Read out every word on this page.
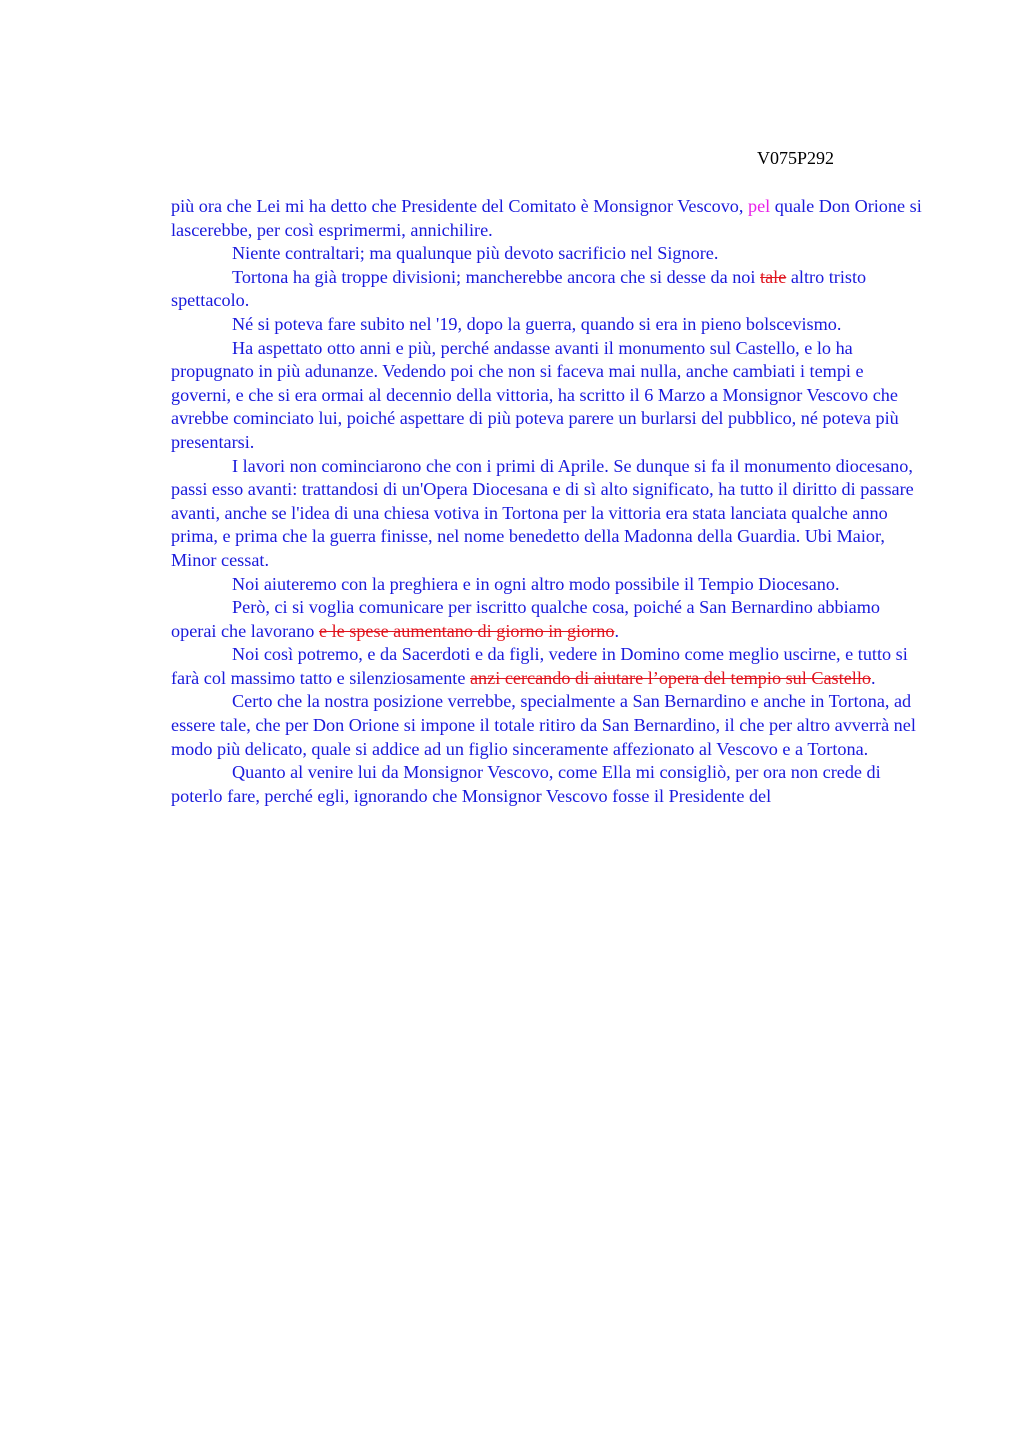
V075P292

più ora che Lei mi ha detto che Presidente del Comitato è Monsignor Vescovo, pel quale Don Orione si lascerebbe, per così esprimermi, annichilire.

Niente contraltari; ma qualunque più devoto sacrificio nel Signore.

Tortona ha già troppe divisioni; mancherebbe ancora che si desse da noi tale altro tristo spettacolo.

Né si poteva fare subito nel '19, dopo la guerra, quando si era in pieno bolscevismo.

Ha aspettato otto anni e più, perché andasse avanti il monumento sul Castello, e lo ha propugnato in più adunanze. Vedendo poi che non si faceva mai nulla, anche cambiati i tempi e governi, e che si era ormai al decennio della vittoria, ha scritto il 6 Marzo a Monsignor Vescovo che avrebbe cominciato lui, poiché aspettare di più poteva parere un burlarsi del pubblico, né poteva più presentarsi.

I lavori non cominciarono che con i primi di Aprile. Se dunque si fa il monumento diocesano, passi esso avanti: trattandosi di un'Opera Diocesana e di sì alto significato, ha tutto il diritto di passare avanti, anche se l'idea di una chiesa votiva in Tortona per la vittoria era stata lanciata qualche anno prima, e prima che la guerra finisse, nel nome benedetto della Madonna della Guardia. Ubi Maior, Minor cessat.

Noi aiuteremo con la preghiera e in ogni altro modo possibile il Tempio Diocesano.

Però, ci si voglia comunicare per iscritto qualche cosa, poiché a San Bernardino abbiamo operai che lavorano e le spese aumentano di giorno in giorno.

Noi così potremo, e da Sacerdoti e da figli, vedere in Domino come meglio uscirne, e tutto si farà col massimo tatto e silenziosamente anzi cercando di aiutare l’opera del tempio sul Castello.

Certo che la nostra posizione verrebbe, specialmente a San Bernardino e anche in Tortona, ad essere tale, che per Don Orione si impone il totale ritiro da San Bernardino, il che per altro avverrà nel modo più delicato, quale si addice ad un figlio sinceramente affezionato al Vescovo e a Tortona.

Quanto al venire lui da Monsignor Vescovo, come Ella mi consigliò, per ora non crede di poterlo fare, perché egli, ignorando che Monsignor Vescovo fosse il Presidente del
